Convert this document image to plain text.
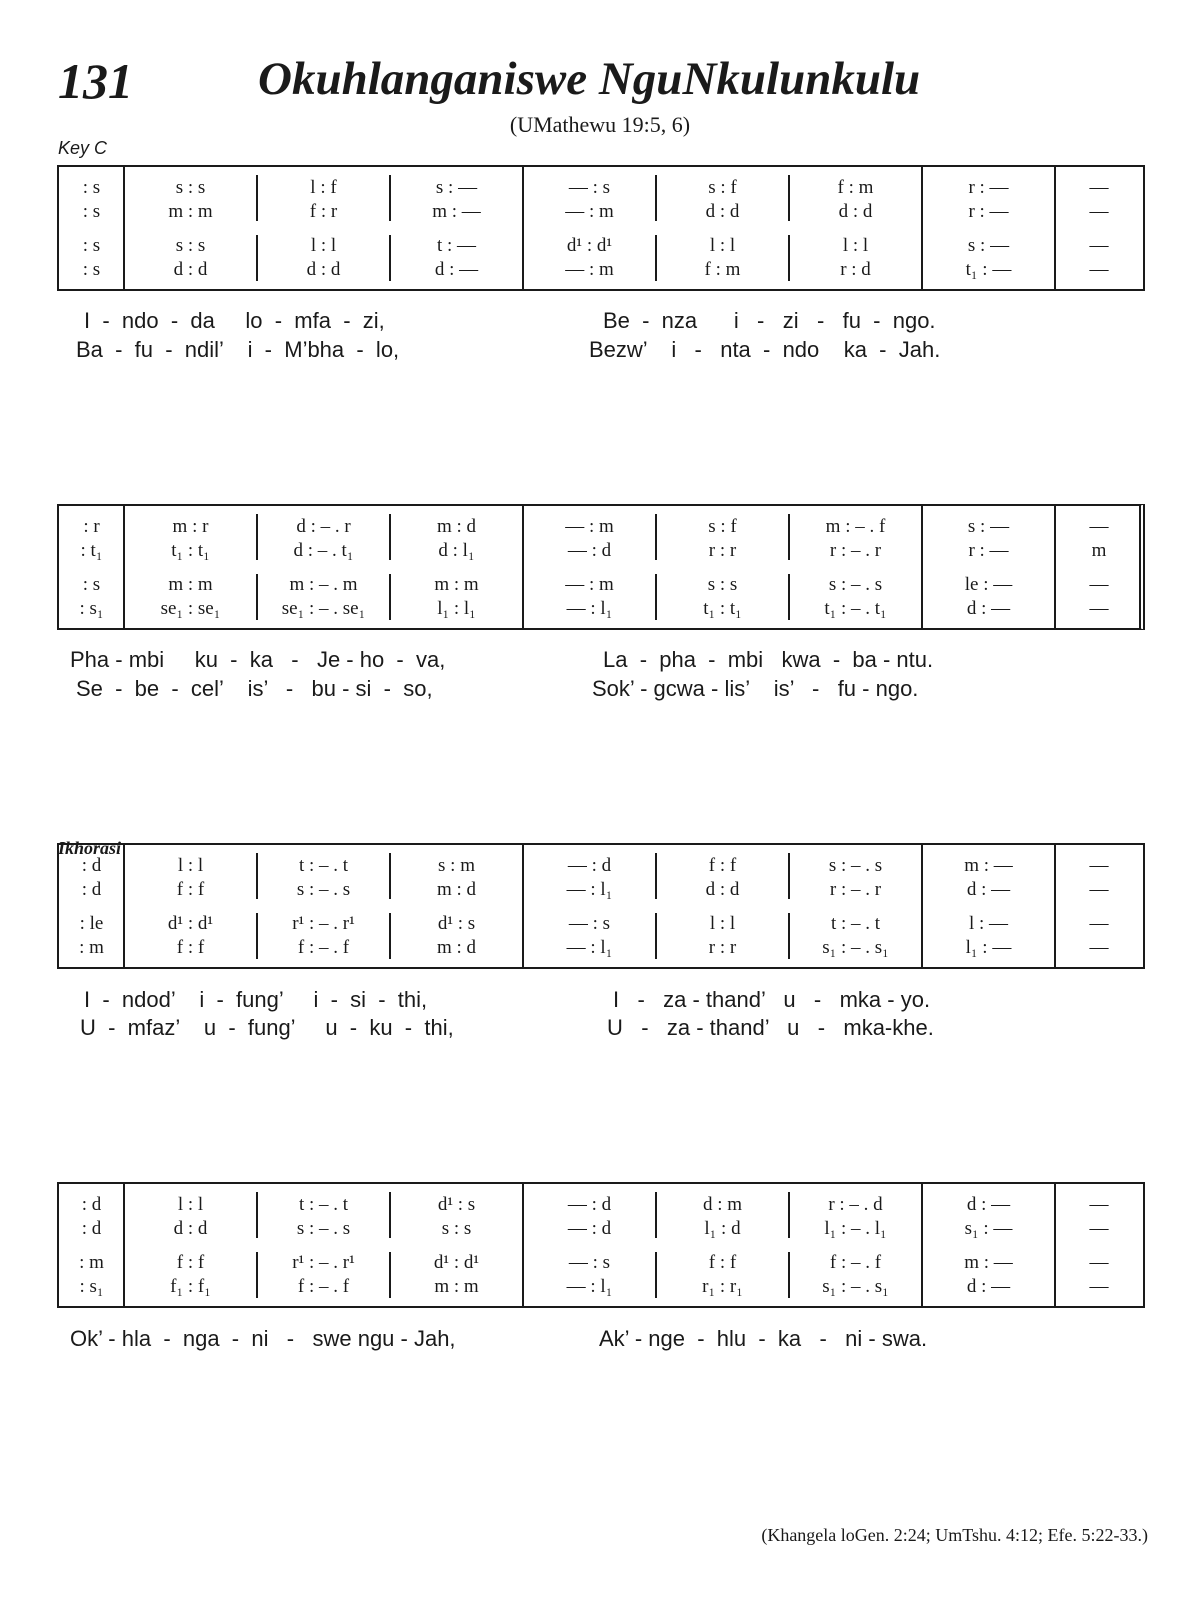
131	Okuhlanganiswe NguNkulunkulu
(UMathewu 19:5, 6)
Key C
Ikhorasi
: s	s : s	l : f	s : —	— : s	s : f	f : m	r : —	—
: s	m : m	f : r	m : —	— : m	d : d	d : d	r : —	—
: s	s : s	l : l	t : —	d¹ : d¹	l : l	l : l	s : —	—
: s	d : d	d : d	d : —	— : m	f : m	r : d	t₁ : —	—
I  -  ndo  -  da     lo  -  mfa  -  zi,
Ba  -  fu  -  ndil’    i  -  M’bha  -  lo,
Be  -  nza      i   -   zi   -   fu  -  ngo.
Bezw’    i   -   nta  -  ndo    ka  -  Jah.
: r	m : r	d : – . r	m : d	— : m	s : f	m : – . f	s : —	—
: t₁	t₁ : t₁	d : – . t₁	d : l₁	— : d	r : r	r : – . r	r : —	m
: s	m : m	m : – . m	m : m	— : m	s : s	s : – . s	le : —	—
: s₁	se₁ : se₁	se₁ : – . se₁	l₁ : l₁	— : l₁	t₁ : t₁	t₁ : – . t₁	d : —	—
Pha - mbi     ku  -  ka   -   Je - ho  -  va,
Se  -  be  -  cel’    is’   -   bu - si  -  so,
La  -  pha  -  mbi   kwa  -  ba - ntu.
Sok’ - gcwa - lis’    is’   -   fu - ngo.
: d	l : l	t : – . t	s : m	— : d	f : f	s : – . s	m : —	—
: d	f : f	s : – . s	m : d	— : l₁	d : d	r : – . r	d : —	—
: le	d¹ : d¹	r¹ : – . r¹	d¹ : s	— : s	l : l	t : – . t	l : —	—
: m	f : f	f : – . f	m : d	— : l₁	r : r	s₁ : – . s₁	l₁ : —	—
I  -  ndod’    i  -  fung’     i  -  si  -  thi,
U  -  mfaz’    u  -  fung’     u  -  ku  -  thi,
I   -   za - thand’   u   -   mka - yo.
U   -   za - thand’   u   -   mka-khe.
: d	l : l	t : – . t	d¹ : s	— : d	d : m	r : – . d	d : —	—
: d	d : d	s : – . s	s : s	— : d	l₁ : d	l₁ : – . l₁	s₁ : —	—
: m	f : f	r¹ : – . r¹	d¹ : d¹	— : s	f : f	f : – . f	m : —	—
: s₁	f₁ : f₁	f : – . f	m : m	— : l₁	r₁ : r₁	s₁ : – . s₁	d : —	—
Ok’ - hla  -  nga  -  ni   -   swe ngu - Jah,	Ak’ - nge  -  hlu  -  ka   -   ni - swa.
(Khangela loGen. 2:24; UmTshu. 4:12; Efe. 5:22-33.)
